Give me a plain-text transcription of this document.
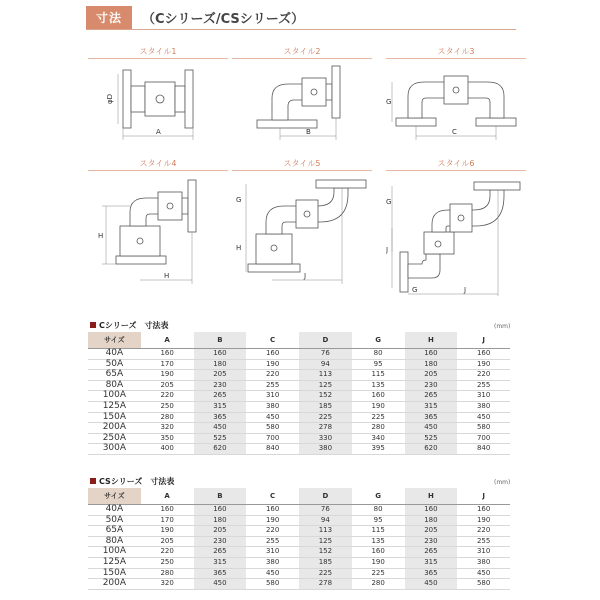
寸法	（Cシリーズ/CSシリーズ）
スタイル1
φD
A
スタイル2
B
スタイル3
G
C
スタイル4
H
H
スタイル5
G
H
J
スタイル6
G
J
G	J
Cシリーズ　寸法表	(mm)
サイズ	A	B	C	D	G	H	J
40A	160	160	160	76	80	160	160
50A	170	180	190	94	95	180	190
65A	190	205	220	113	115	205	220
80A	205	230	255	125	135	230	255
100A	220	265	310	152	160	265	310
125A	250	315	380	185	190	315	380
150A	280	365	450	225	225	365	450
200A	320	450	580	278	280	450	580
250A	350	525	700	330	340	525	700
300A	400	620	840	380	395	620	840
CSシリーズ　寸法表	(mm)
サイズ	A	B	C	D	G	H	J
40A	160	160	160	76	80	160	160
50A	170	180	190	94	95	180	190
65A	190	205	220	113	115	205	220
80A	205	230	255	125	135	230	255
100A	220	265	310	152	160	265	310
125A	250	315	380	185	190	315	380
150A	280	365	450	225	225	365	450
200A	320	450	580	278	280	450	580
